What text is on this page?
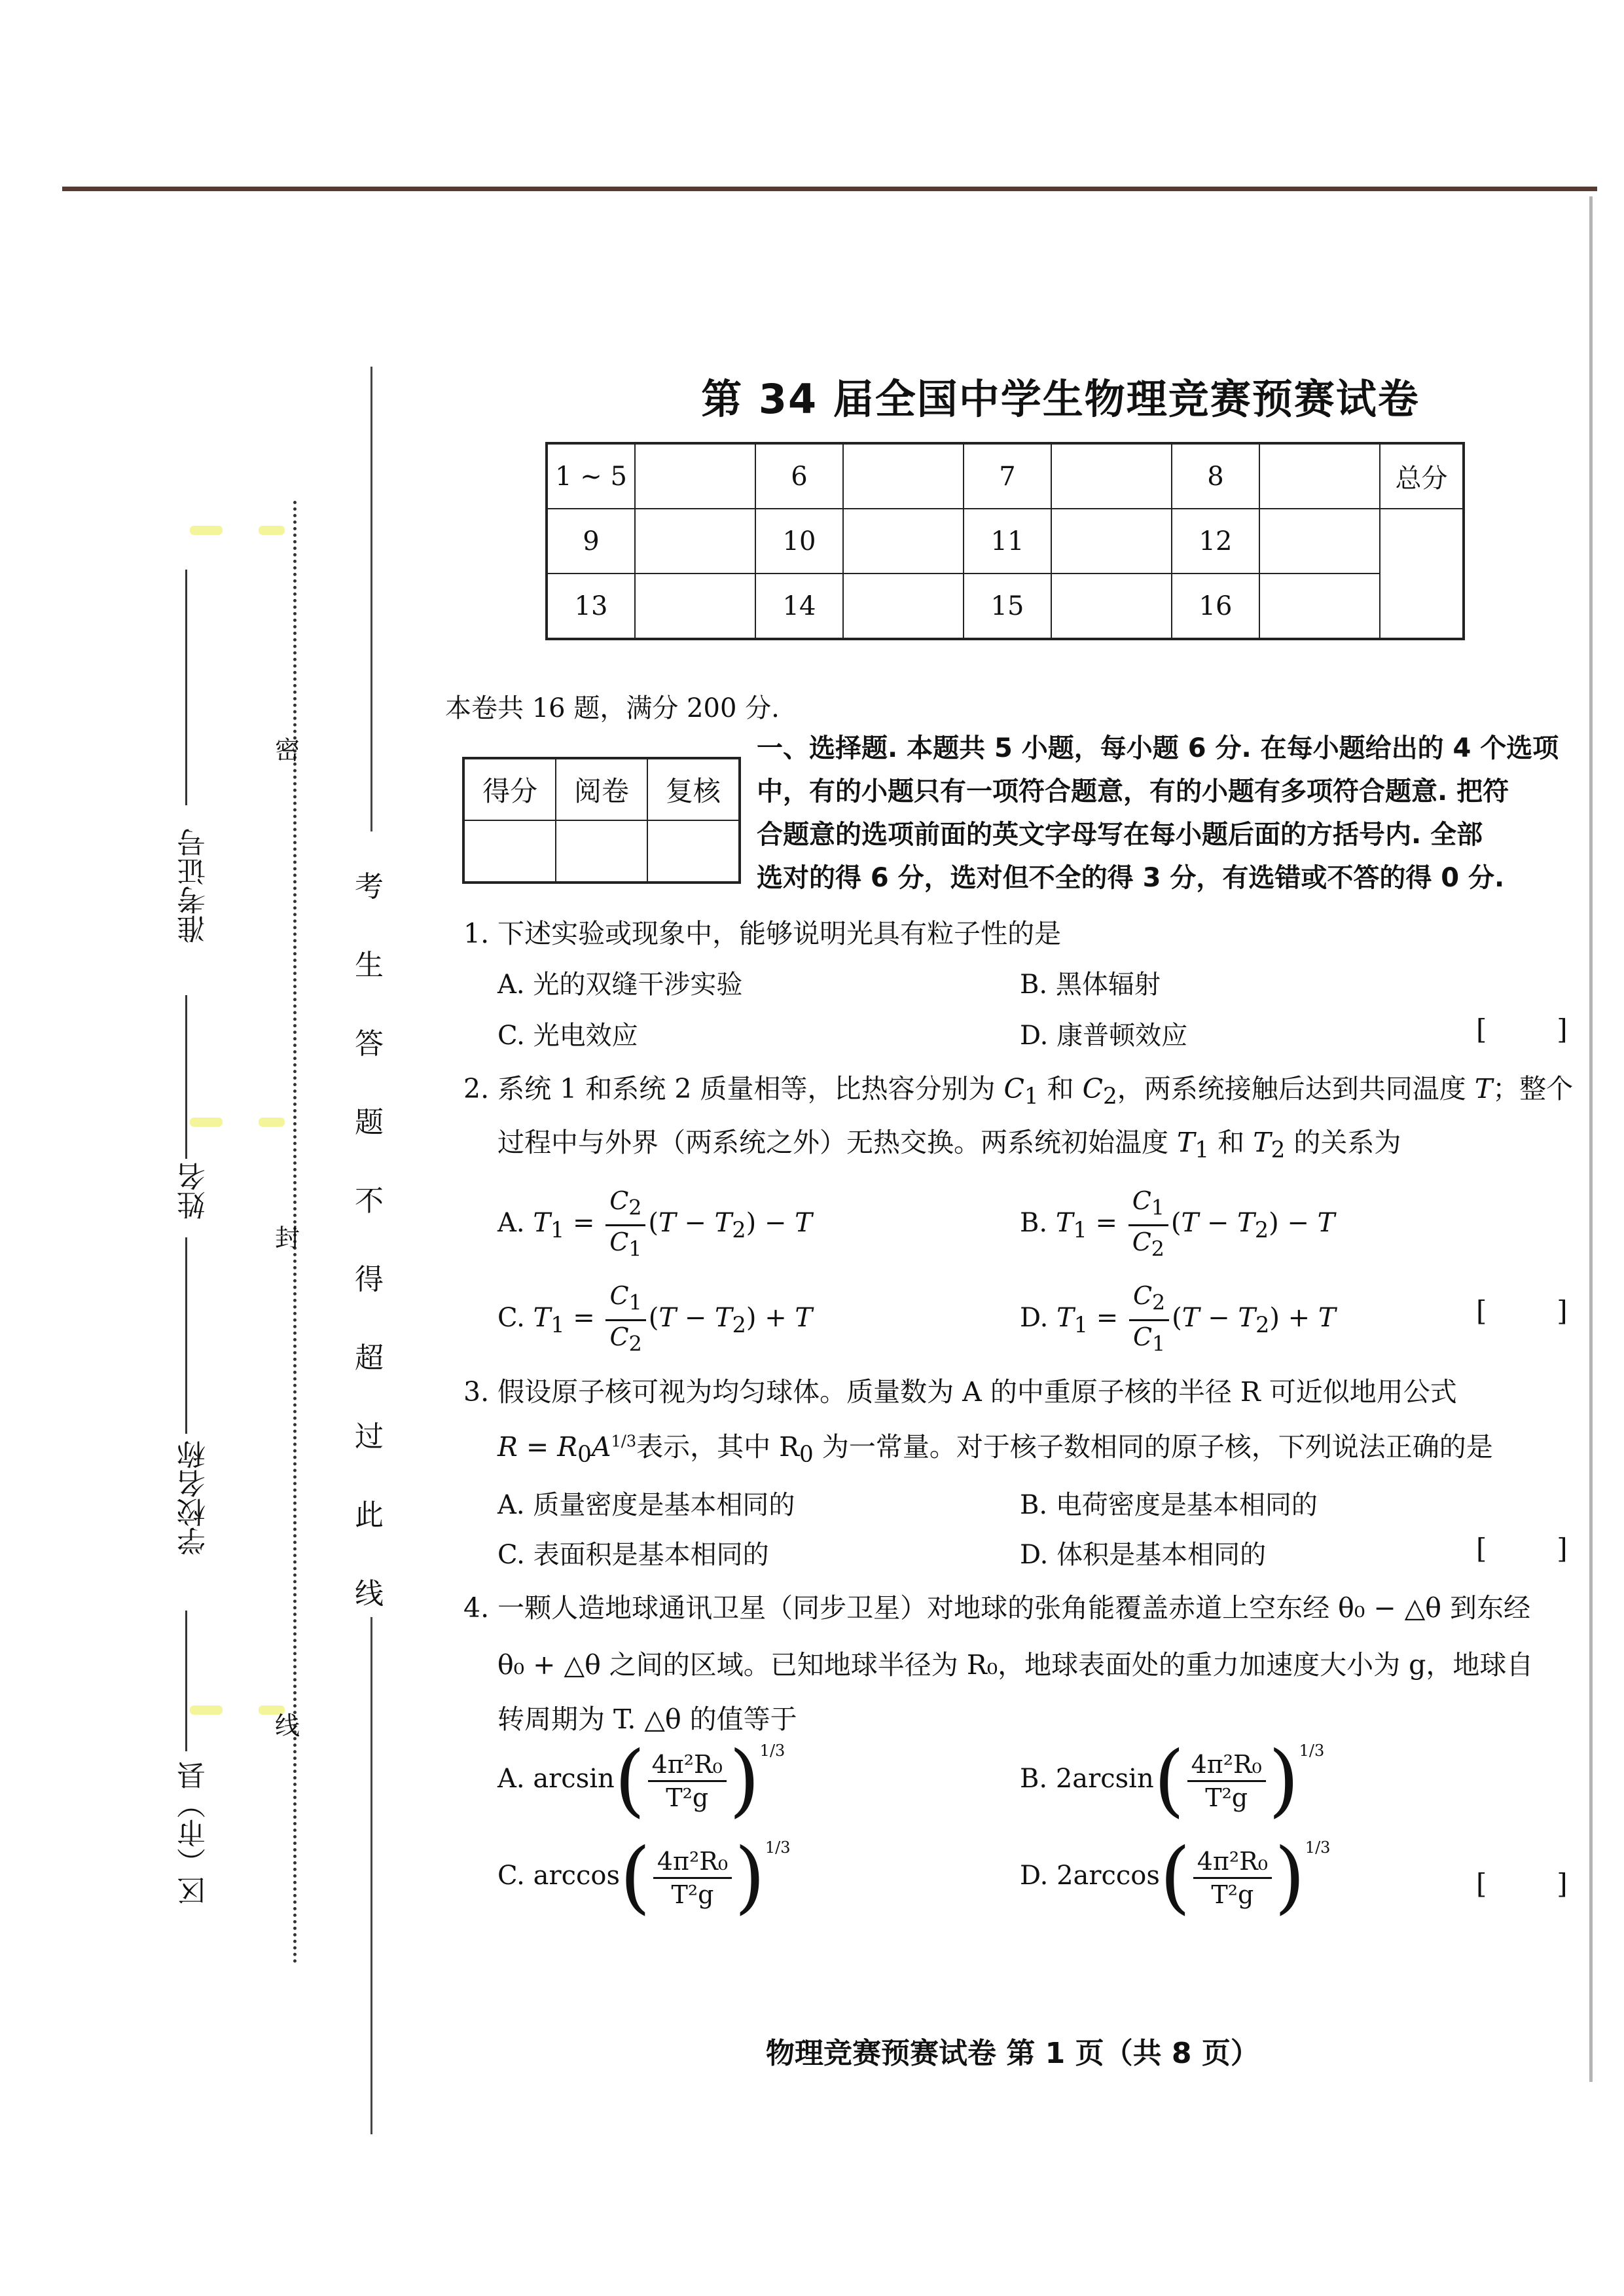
密
封
线
准考证号
姓名
学校名称
区（市）县
考
生
答
题
不
得
超
过
此
线
第 34 届全国中学生物理竞赛预赛试卷
1 ~ 5		6		7		8		总分
9		10		11		12		
13		14		15		16		
本卷共 16 题，满分 200 分.
得分	阅卷	复核

一、选择题. 本题共 5 小题，每小题 6 分. 在每小题给出的 4 个选项
中，有的小题只有一项符合题意，有的小题有多项符合题意. 把符
合题意的选项前面的英文字母写在每小题后面的方括号内. 全部
选对的得 6 分，选对但不全的得 3 分，有选错或不答的得 0 分.
1. 下述实验或现象中，能够说明光具有粒子性的是
A. 光的双缝干涉实验	B. 黑体辐射
C. 光电效应	D. 康普顿效应	[        ]
2. 系统 1 和系统 2 质量相等，比热容分别为 $C_1$ 和 $C_2$，两系统接触后达到共同温度 T；整个
过程中与外界（两系统之外）无热交换。两系统初始温度 $T_1$ 和 $T_2$ 的关系为
A. $T_1 = \frac{C_2}{C_1} (T - T_2) - T$	B. $T_1 = \frac{C_1}{C_2} (T - T_2) - T$
C. $T_1 = \frac{C_1}{C_2} (T - T_2) + T$	D. $T_1 = \frac{C_2}{C_1} (T - T_2) + T$	[        ]
3. 假设原子核可视为均匀球体。质量数为 A 的中重原子核的半径 R 可近似地用公式
$R = R_0A^{1/3}$表示，其中 $R_0$ 为一常量。对于核子数相同的原子核，下列说法正确的是
A. 质量密度是基本相同的	B. 电荷密度是基本相同的
C. 表面积是基本相同的	D. 体积是基本相同的	[        ]
4. 一颗人造地球通讯卫星（同步卫星）对地球的张角能覆盖赤道上空东经 θ₀ − △θ 到东经
θ₀ + △θ 之间的区域。已知地球半径为 R₀，地球表面处的重力加速度大小为 g，地球自
转周期为 T. △θ 的值等于
A. $\arcsin( \frac{\text{4π²R₀}}{\text{T²g}} )^{1/3}$
B. $2\arcsin( \frac{\text{4π²R₀}}{\text{T²g}} )^{1/3}$
C. $\arccos( \frac{\text{4π²R₀}}{\text{T²g}} )^{1/3}$
D. $2\arccos( \frac{\text{4π²R₀}}{\text{T²g}} )^{1/3}$
[        ]
物理竞赛预赛试卷 第 1 页（共 8 页）
